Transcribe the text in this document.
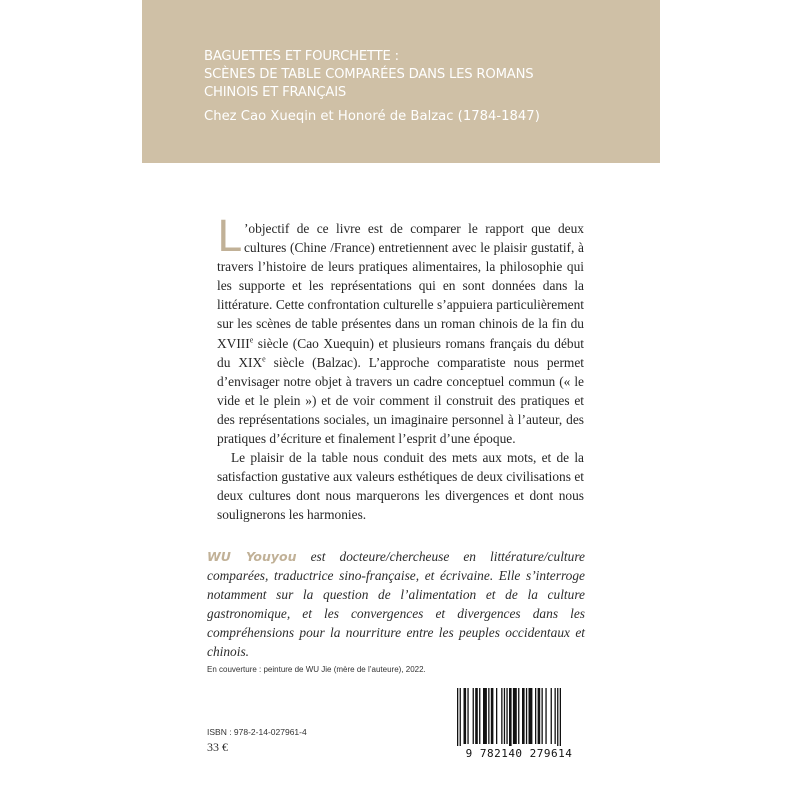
BAGUETTES ET FOURCHETTE :
SCÈNES DE TABLE COMPARÉES DANS LES ROMANS
CHINOIS ET FRANÇAIS
Chez Cao Xueqin et Honoré de Balzac (1784-1847)

L ’objectif de ce livre est de comparer le rapport que deux cultures (Chine /France) entretiennent avec le plaisir gustatif, à travers l’histoire de leurs pratiques alimentaires, la philosophie qui les supporte et les représentations qui en sont données dans la littérature. Cette confrontation culturelle s’appuiera particulièrement sur les scènes de table présentes dans un roman chinois de la fin du XVIIIe siècle (Cao Xuequin) et plusieurs romans français du début du XIXe siècle (Balzac). L’approche comparatiste nous permet d’envisager notre objet à travers un cadre conceptuel commun (« le vide et le plein ») et de voir comment il construit des pratiques et des représentations sociales, un imaginaire personnel à l’auteur, des pratiques d’écriture et finalement l’esprit d’une époque.

Le plaisir de la table nous conduit des mets aux mots, et de la satisfaction gustative aux valeurs esthétiques de deux civilisations et deux cultures dont nous marquerons les divergences et dont nous soulignerons les harmonies.

WU Youyou est docteure/chercheuse en littérature/culture comparées, traductrice sino-française, et écrivaine. Elle s’interroge notamment sur la question de l’alimentation et de la culture gastronomique, et les convergences et divergences dans les compréhensions pour la nourriture entre les peuples occidentaux et chinois.
En couverture : peinture de WU Jie (mère de l’auteure), 2022.
ISBN : 978-2-14-027961-4
33 €	9 782140 279614
